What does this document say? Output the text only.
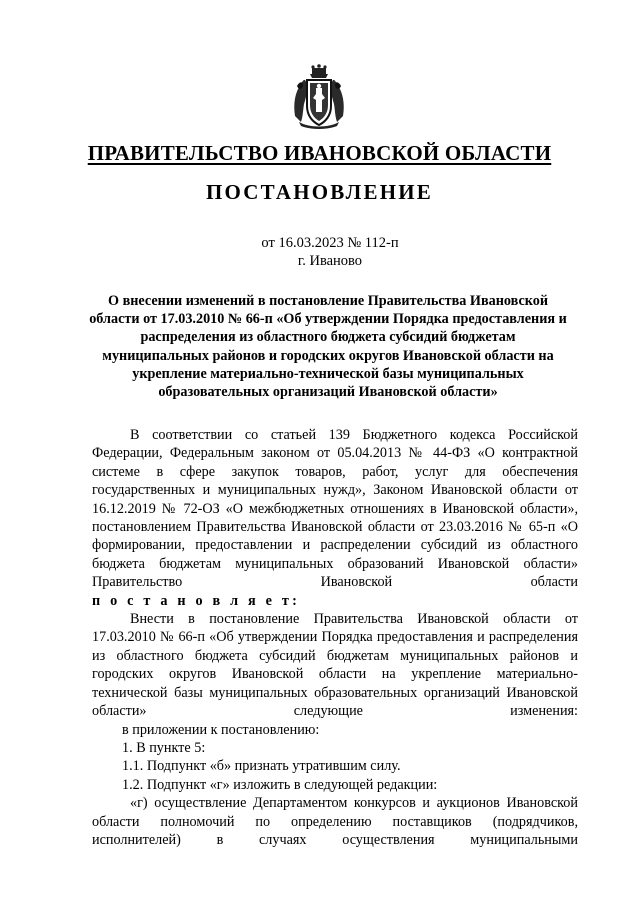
ПРАВИТЕЛЬСТВО ИВАНОВСКОЙ ОБЛАСТИ
ПОСТАНОВЛЕНИЕ
от 16.03.2023 № 112-п
г. Иваново
О внесении изменений в постановление Правительства Ивановской области от 17.03.2010 № 66-п «Об утверждении Порядка предоставления и распределения из областного бюджета субсидий бюджетам муниципальных районов и городских округов Ивановской области на укрепление материально-технической базы муниципальных образовательных организаций Ивановской области»

В соответствии со статьей 139 Бюджетного кодекса Российской Федерации, Федеральным законом от 05.04.2013 № 44-ФЗ «О контрактной системе в сфере закупок товаров, работ, услуг для обеспечения государственных и муниципальных нужд», Законом Ивановской области от 16.12.2019 № 72-ОЗ «О межбюджетных отношениях в Ивановской области», постановлением Правительства Ивановской области от 23.03.2016 № 65-п «О формировании, предоставлении и распределении субсидий из областного бюджета бюджетам муниципальных образований Ивановской области» Правительство Ивановской области

п о с т а н о в л я е т:

Внести в постановление Правительства Ивановской области от 17.03.2010 № 66-п «Об утверждении Порядка предоставления и распределения из областного бюджета субсидий бюджетам муниципальных районов и городских округов Ивановской области на укрепление материально-технической базы муниципальных образовательных организаций Ивановской области» следующие изменения:

в приложении к постановлению:

1. В пункте 5:

1.1. Подпункт «б» признать утратившим силу.

1.2. Подпункт «г» изложить в следующей редакции:

«г) осуществление Департаментом конкурсов и аукционов Ивановской области полномочий по определению поставщиков (подрядчиков, исполнителей) в случаях осуществления муниципальными
